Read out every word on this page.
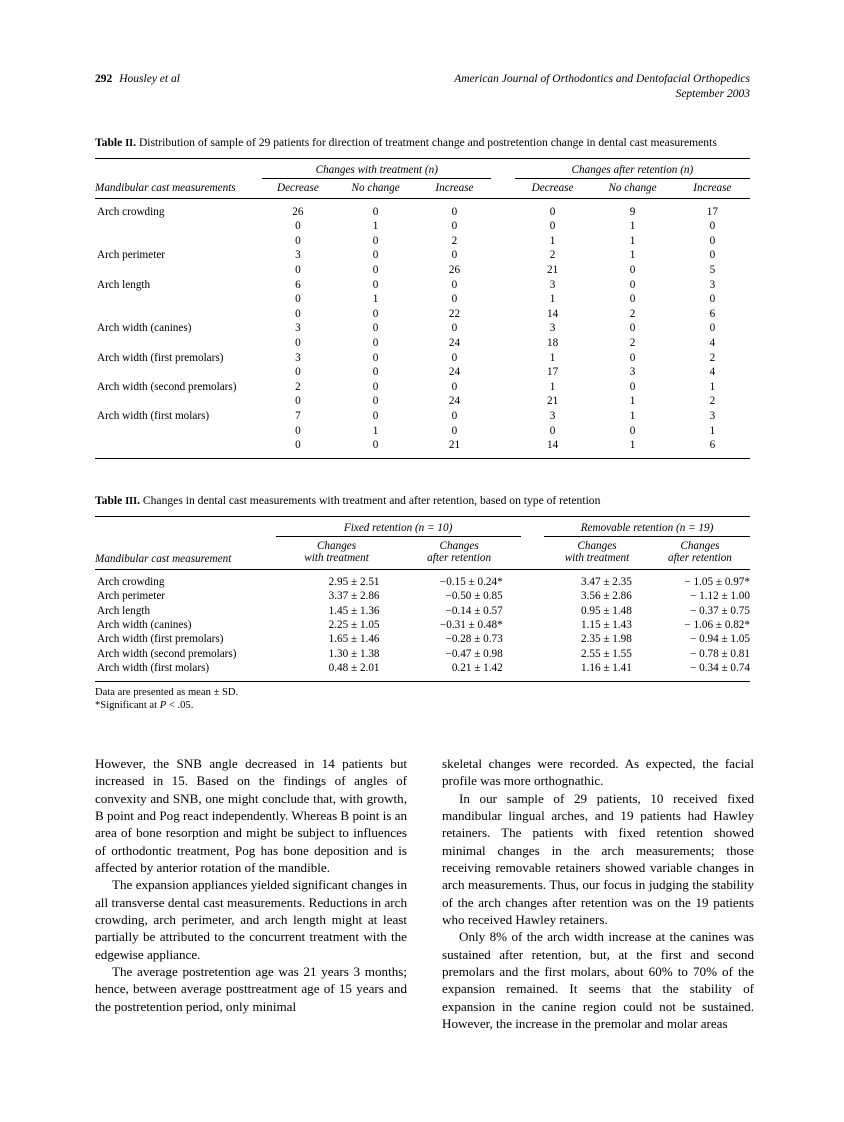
292 Housley et al	American Journal of Orthodontics and Dentofacial Orthopedics
September 2003
Table II. Distribution of sample of 29 patients for direction of treatment change and postretention change in dental cast measurements
	Changes with treatment (n)				Changes after retention (n)		
Mandibular cast measurements	Decrease	No change	Increase		Decrease	No change	Increase
Arch crowding	26	0	0		0	9	17
	0	1	0		0	1	0
	0	0	2		1	1	0
Arch perimeter	3	0	0		2	1	0
	0	0	26		21	0	5
Arch length	6	0	0		3	0	3
	0	1	0		1	0	0
	0	0	22		14	2	6
Arch width (canines)	3	0	0		3	0	0
	0	0	24		18	2	4
Arch width (first premolars)	3	0	0		1	0	2
	0	0	24		17	3	4
Arch width (second premolars)	2	0	0		1	0	1
	0	0	24		21	1	2
Arch width (first molars)	7	0	0		3	1	3
	0	1	0		0	0	1
	0	0	21		14	1	6

Table III. Changes in dental cast measurements with treatment and after retention, based on type of retention
	Fixed retention (n = 10)			Removable retention (n = 19)	
	Changes	Changes		Changes	Changes
Mandibular cast measurement	with treatment	after retention		with treatment	after retention
Arch crowding	2.95 ± 2.51	−0.15 ± 0.24*		3.47 ± 2.35	− 1.05 ± 0.97*
Arch perimeter	3.37 ± 2.86	−0.50 ± 0.85		3.56 ± 2.86	− 1.12 ± 1.00
Arch length	1.45 ± 1.36	−0.14 ± 0.57		0.95 ± 1.48	− 0.37 ± 0.75
Arch width (canines)	2.25 ± 1.05	−0.31 ± 0.48*		1.15 ± 1.43	− 1.06 ± 0.82*
Arch width (first premolars)	1.65 ± 1.46	−0.28 ± 0.73		2.35 ± 1.98	− 0.94 ± 1.05
Arch width (second premolars)	1.30 ± 1.38	−0.47 ± 0.98		2.55 ± 1.55	− 0.78 ± 0.81
Arch width (first molars)	0.48 ± 2.01	0.21 ± 1.42		1.16 ± 1.41	− 0.34 ± 0.74

Data are presented as mean ± SD.
*Significant at P < .05.

However, the SNB angle decreased in 14 patients but increased in 15. Based on the findings of angles of convexity and SNB, one might conclude that, with growth, B point and Pog react independently. Whereas B point is an area of bone resorption and might be subject to influences of orthodontic treatment, Pog has bone deposition and is affected by anterior rotation of the mandible.

The expansion appliances yielded significant changes in all transverse dental cast measurements. Reductions in arch crowding, arch perimeter, and arch length might at least partially be attributed to the concurrent treatment with the edgewise appliance.

The average postretention age was 21 years 3 months; hence, between average posttreatment age of 15 years and the postretention period, only minimal

skeletal changes were recorded. As expected, the facial profile was more orthognathic.

In our sample of 29 patients, 10 received fixed mandibular lingual arches, and 19 patients had Hawley retainers. The patients with fixed retention showed minimal changes in the arch measurements; those receiving removable retainers showed variable changes in arch measurements. Thus, our focus in judging the stability of the arch changes after retention was on the 19 patients who received Hawley retainers.

Only 8% of the arch width increase at the canines was sustained after retention, but, at the first and second premolars and the first molars, about 60% to 70% of the expansion remained. It seems that the stability of expansion in the canine region could not be sustained. However, the increase in the premolar and molar areas
